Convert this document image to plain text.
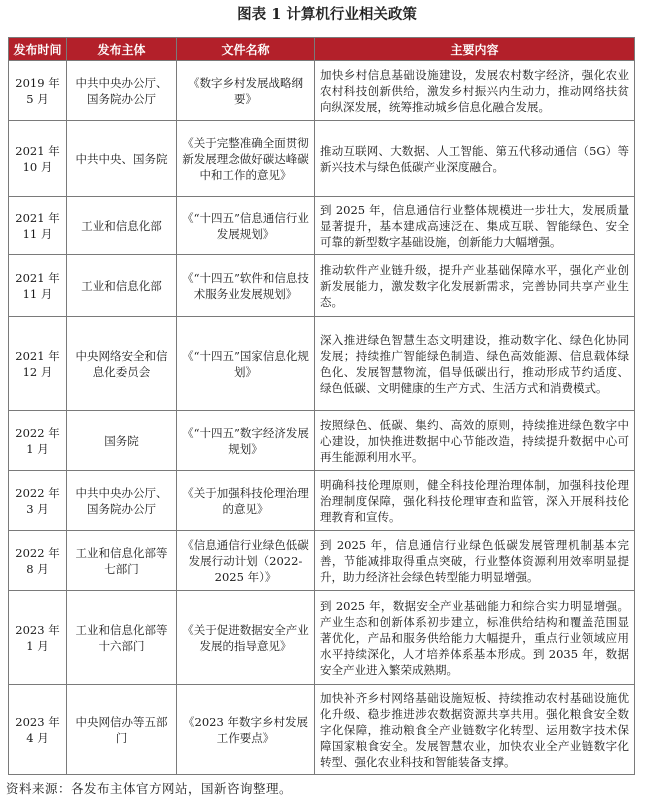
图表 1 计算机行业相关政策
发布时间	发布主体	文件名称	主要内容
2019 年 5 月	中共中央办公厅、国务院办公厅	《数字乡村发展战略纲要》	加快乡村信息基础设施建设，发展农村数字经济，强化农业农村科技创新供给，激发乡村振兴内生动力，推动网络扶贫向纵深发展，统筹推动城乡信息化融合发展。
2021 年 10 月	中共中央、国务院	《关于完整准确全面贯彻新发展理念做好碳达峰碳中和工作的意见》	推动互联网、大数据、人工智能、第五代移动通信（5G）等新兴技术与绿色低碳产业深度融合。
2021 年 11 月	工业和信息化部	《“十四五”信息通信行业发展规划》	到 2025 年，信息通信行业整体规模进一步壮大，发展质量显著提升，基本建成高速泛在、集成互联、智能绿色、安全可靠的新型数字基础设施，创新能力大幅增强。
2021 年 11 月	工业和信息化部	《“十四五”软件和信息技术服务业发展规划》	推动软件产业链升级，提升产业基础保障水平，强化产业创新发展能力，激发数字化发展新需求，完善协同共享产业生态。
2021 年 12 月	中央网络安全和信息化委员会	《“十四五”国家信息化规划》	深入推进绿色智慧生态文明建设，推动数字化、绿色化协同发展；持续推广智能绿色制造、绿色高效能源、信息载体绿色化、发展智慧物流，倡导低碳出行，推动形成节约适度、绿色低碳、文明健康的生产方式、生活方式和消费模式。
2022 年 1 月	国务院	《“十四五”数字经济发展规划》	按照绿色、低碳、集约、高效的原则，持续推进绿色数字中心建设，加快推进数据中心节能改造，持续提升数据中心可再生能源利用水平。
2022 年 3 月	中共中央办公厅、国务院办公厅	《关于加强科技伦理治理的意见》	明确科技伦理原则，健全科技伦理治理体制，加强科技伦理治理制度保障，强化科技伦理审查和监管，深入开展科技伦理教育和宣传。
2022 年 8 月	工业和信息化部等七部门	《信息通信行业绿色低碳发展行动计划（2022-2025 年）》	到 2025 年，信息通信行业绿色低碳发展管理机制基本完善，节能减排取得重点突破，行业整体资源利用效率明显提升，助力经济社会绿色转型能力明显增强。
2023 年 1 月	工业和信息化部等十六部门	《关于促进数据安全产业发展的指导意见》	到 2025 年，数据安全产业基础能力和综合实力明显增强。产业生态和创新体系初步建立，标准供给结构和覆盖范围显著优化，产品和服务供给能力大幅提升，重点行业领域应用水平持续深化，人才培养体系基本形成。到 2035 年，数据安全产业进入繁荣成熟期。
2023 年 4 月	中央网信办等五部门	《2023 年数字乡村发展工作要点》	加快补齐乡村网络基础设施短板、持续推动农村基础设施优化升级、稳步推进涉农数据资源共享共用。强化粮食安全数字化保障，推动粮食全产业链数字化转型、运用数字技术保障国家粮食安全。发展智慧农业，加快农业全产业链数字化转型、强化农业科技和智能装备支撑。
资料来源：各发布主体官方网站，国新咨询整理。
